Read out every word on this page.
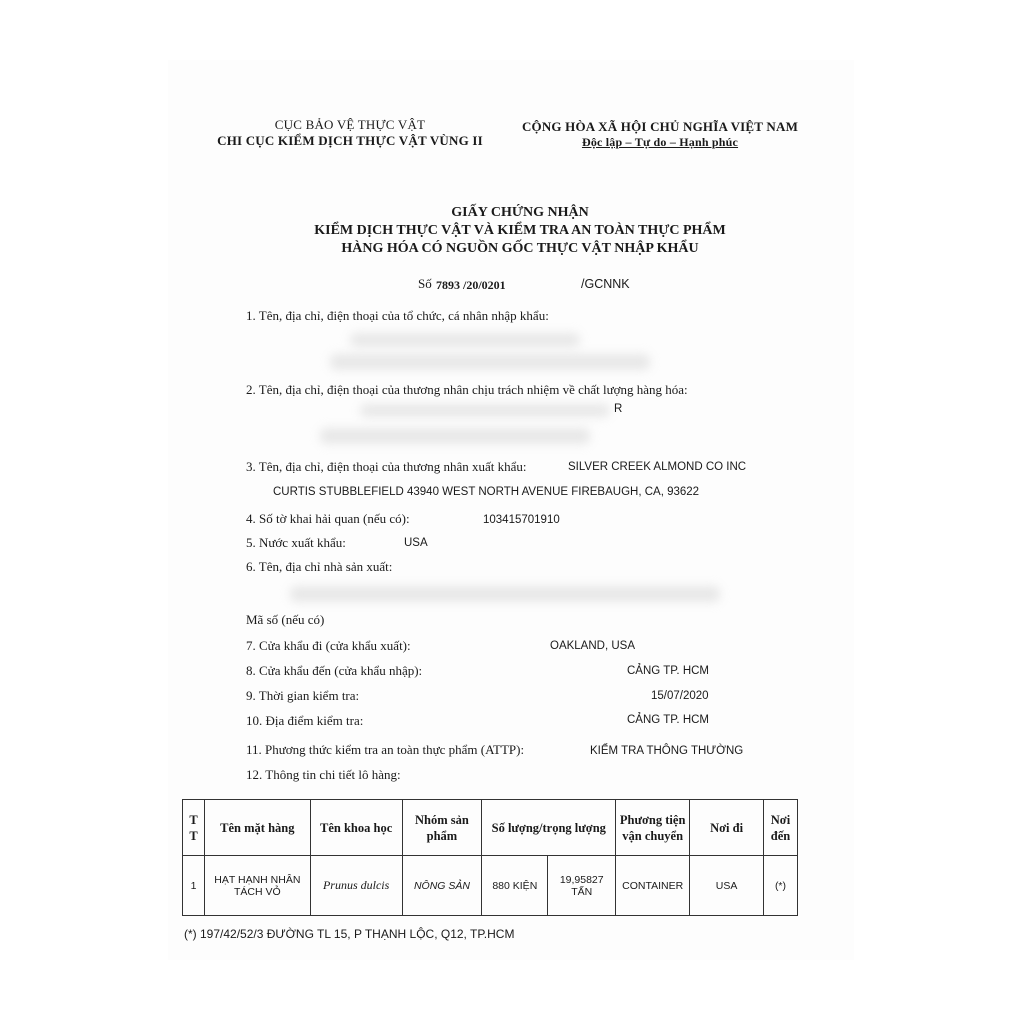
CỤC BẢO VỆ THỰC VẬT
CHI CỤC KIỂM DỊCH THỰC VẬT VÙNG II
CỘNG HÒA XÃ HỘI CHỦ NGHĨA VIỆT NAM
Độc lập – Tự do – Hạnh phúc
GIẤY CHỨNG NHẬN
KIỂM DỊCH THỰC VẬT VÀ KIỂM TRA AN TOÀN THỰC PHẨM
HÀNG HÓA CÓ NGUỒN GỐC THỰC VẬT NHẬP KHẨU
Số 7893 /20/0201	/GCNNK
1. Tên, địa chỉ, điện thoại của tổ chức, cá nhân nhập khẩu:
2. Tên, địa chỉ, điện thoại của thương nhân chịu trách nhiệm về chất lượng hàng hóa:
R
3. Tên, địa chỉ, điện thoại của thương nhân xuất khẩu:	SILVER CREEK ALMOND CO INC
CURTIS STUBBLEFIELD 43940 WEST NORTH AVENUE FIREBAUGH, CA, 93622
4. Số tờ khai hải quan (nếu có):	103415701910
5. Nước xuất khẩu:	USA
6. Tên, địa chỉ nhà sản xuất:
Mã số (nếu có)
7. Cửa khẩu đi (cửa khẩu xuất):	OAKLAND, USA
8. Cửa khẩu đến (cửa khẩu nhập):	CẢNG TP. HCM
9. Thời gian kiểm tra:	15/07/2020
10. Địa điểm kiểm tra:	CẢNG TP. HCM
11. Phương thức kiểm tra an toàn thực phẩm (ATTP):	KIỂM TRA THÔNG THƯỜNG
12. Thông tin chi tiết lô hàng:
T T	Tên mặt hàng	Tên khoa học	Nhóm sản phẩm	Số lượng/trọng lượng		Phương tiện vận chuyển	Nơi đi	Nơi đến
1	HẠT HẠNH NHÂN TÁCH VỎ	Prunus dulcis	NÔNG SẢN	880 KIỆN	19,95827 TẤN	CONTAINER	USA	(*)
(*) 197/42/52/3 ĐƯỜNG TL 15, P THẠNH LỘC, Q12, TP.HCM
